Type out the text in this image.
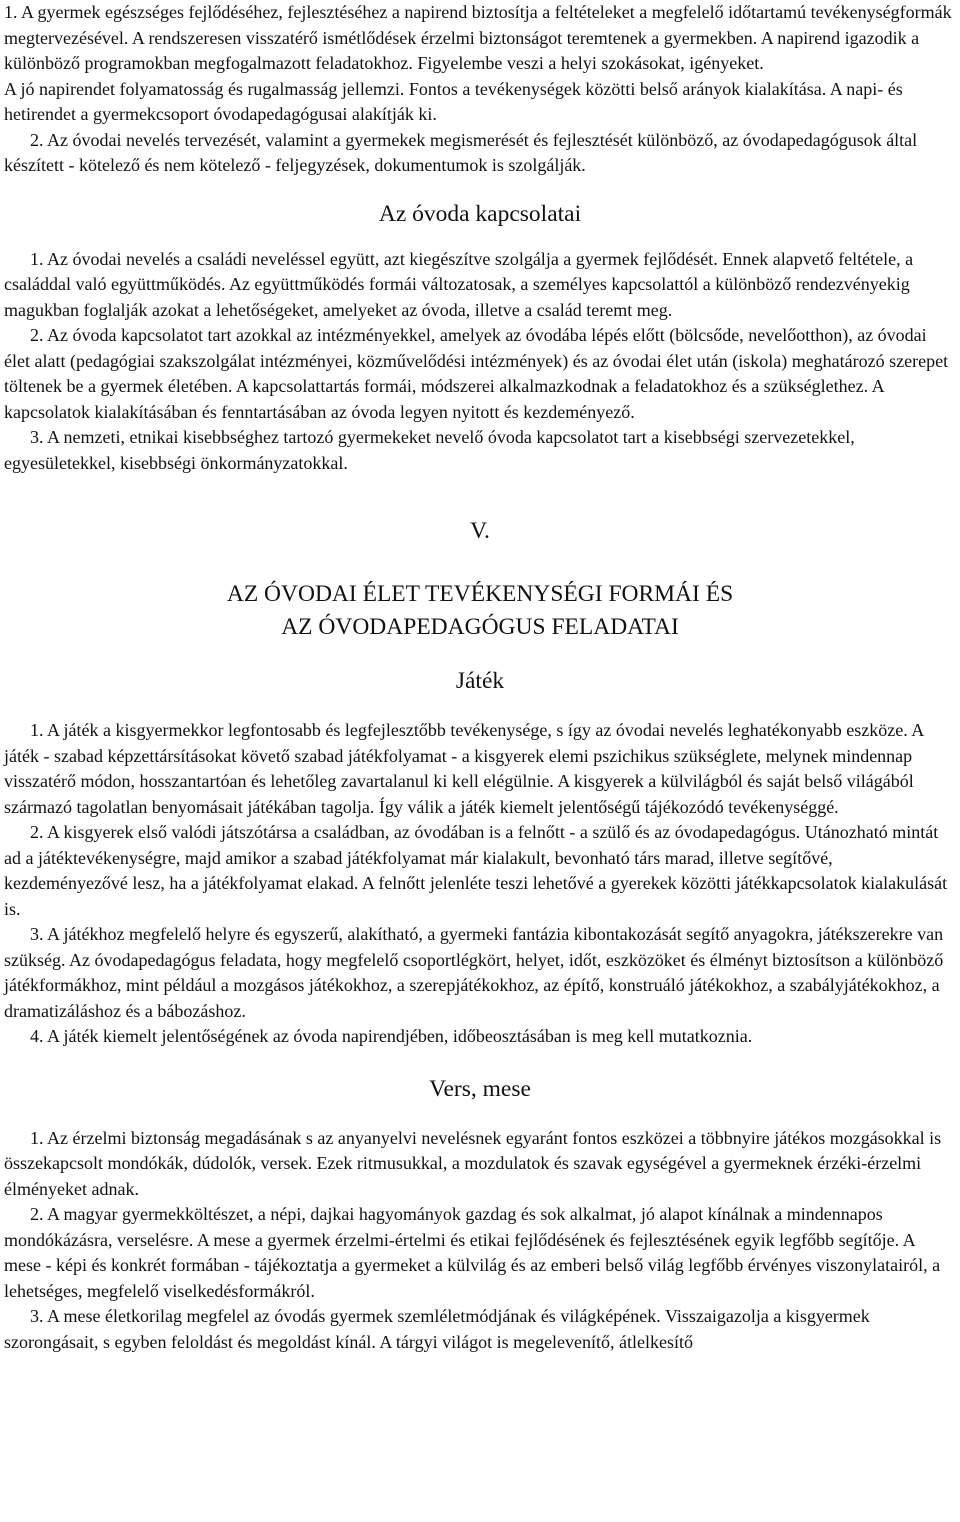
1. A gyermek egészséges fejlődéséhez, fejlesztéséhez a napirend biztosítja a feltételeket a megfelelő időtartamú tevékenységformák megtervezésével. A rendszeresen visszatérő ismétlődések érzelmi biztonságot teremtenek a gyermekben. A napirend igazodik a különböző programokban megfogalmazott feladatokhoz. Figyelembe veszi a helyi szokásokat, igényeket.

A jó napirendet folyamatosság és rugalmasság jellemzi. Fontos a tevékenységek közötti belső arányok kialakítása. A napi- és hetirendet a gyermekcsoport óvodapedagógusai alakítják ki.

2. Az óvodai nevelés tervezését, valamint a gyermekek megismerését és fejlesztését különböző, az óvodapedagógusok által készített - kötelező és nem kötelező - feljegyzések, dokumentumok is szolgálják.

Az óvoda kapcsolatai

1. Az óvodai nevelés a családi neveléssel együtt, azt kiegészítve szolgálja a gyermek fejlődését. Ennek alapvető feltétele, a családdal való együttműködés. Az együttműködés formái változatosak, a személyes kapcsolattól a különböző rendezvényekig magukban foglalják azokat a lehetőségeket, amelyeket az óvoda, illetve a család teremt meg.

2. Az óvoda kapcsolatot tart azokkal az intézményekkel, amelyek az óvodába lépés előtt (bölcsőde, nevelőotthon), az óvodai élet alatt (pedagógiai szakszolgálat intézményei, közművelődési intézmények) és az óvodai élet után (iskola) meghatározó szerepet töltenek be a gyermek életében. A kapcsolattartás formái, módszerei alkalmazkodnak a feladatokhoz és a szükséglethez. A kapcsolatok kialakításában és fenntartásában az óvoda legyen nyitott és kezdeményező.

3. A nemzeti, etnikai kisebbséghez tartozó gyermekeket nevelő óvoda kapcsolatot tart a kisebbségi szervezetekkel, egyesületekkel, kisebbségi önkormányzatokkal.

V.
AZ ÓVODAI ÉLET TEVÉKENYSÉGI FORMÁI ÉS
AZ ÓVODAPEDAGÓGUS FELADATAI
Játék

1. A játék a kisgyermekkor legfontosabb és legfejlesztőbb tevékenysége, s így az óvodai nevelés leghatékonyabb eszköze. A játék - szabad képzettársításokat követő szabad játékfolyamat - a kisgyerek elemi pszichikus szükséglete, melynek mindennap visszatérő módon, hosszantartóan és lehetőleg zavartalanul ki kell elégülnie. A kisgyerek a külvilágból és saját belső világából származó tagolatlan benyomásait játékában tagolja. Így válik a játék kiemelt jelentőségű tájékozódó tevékenységgé.

2. A kisgyerek első valódi játszótársa a családban, az óvodában is a felnőtt - a szülő és az óvodapedagógus. Utánozható mintát ad a játéktevékenységre, majd amikor a szabad játékfolyamat már kialakult, bevonható társ marad, illetve segítővé, kezdeményezővé lesz, ha a játékfolyamat elakad. A felnőtt jelenléte teszi lehetővé a gyerekek közötti játékkapcsolatok kialakulását is.

3. A játékhoz megfelelő helyre és egyszerű, alakítható, a gyermeki fantázia kibontakozását segítő anyagokra, játékszerekre van szükség. Az óvodapedagógus feladata, hogy megfelelő csoportlégkört, helyet, időt, eszközöket és élményt biztosítson a különböző játékformákhoz, mint például a mozgásos játékokhoz, a szerepjátékokhoz, az építő, konstruáló játékokhoz, a szabályjátékokhoz, a dramatizáláshoz és a bábozáshoz.

4. A játék kiemelt jelentőségének az óvoda napirendjében, időbeosztásában is meg kell mutatkoznia.

Vers, mese

1. Az érzelmi biztonság megadásának s az anyanyelvi nevelésnek egyaránt fontos eszközei a többnyire játékos mozgásokkal is összekapcsolt mondókák, dúdolók, versek. Ezek ritmusukkal, a mozdulatok és szavak egységével a gyermeknek érzéki-érzelmi élményeket adnak.

2. A magyar gyermekköltészet, a népi, dajkai hagyományok gazdag és sok alkalmat, jó alapot kínálnak a mindennapos mondókázásra, verselésre. A mese a gyermek érzelmi-értelmi és etikai fejlődésének és fejlesztésének egyik legfőbb segítője. A mese - képi és konkrét formában - tájékoztatja a gyermeket a külvilág és az emberi belső világ legfőbb érvényes viszonylatairól, a lehetséges, megfelelő viselkedésformákról.

3. A mese életkorilag megfelel az óvodás gyermek szemléletmódjának és világképének. Visszaigazolja a kisgyermek szorongásait, s egyben feloldást és megoldást kínál. A tárgyi világot is megelevenítő, átlelkesítő
